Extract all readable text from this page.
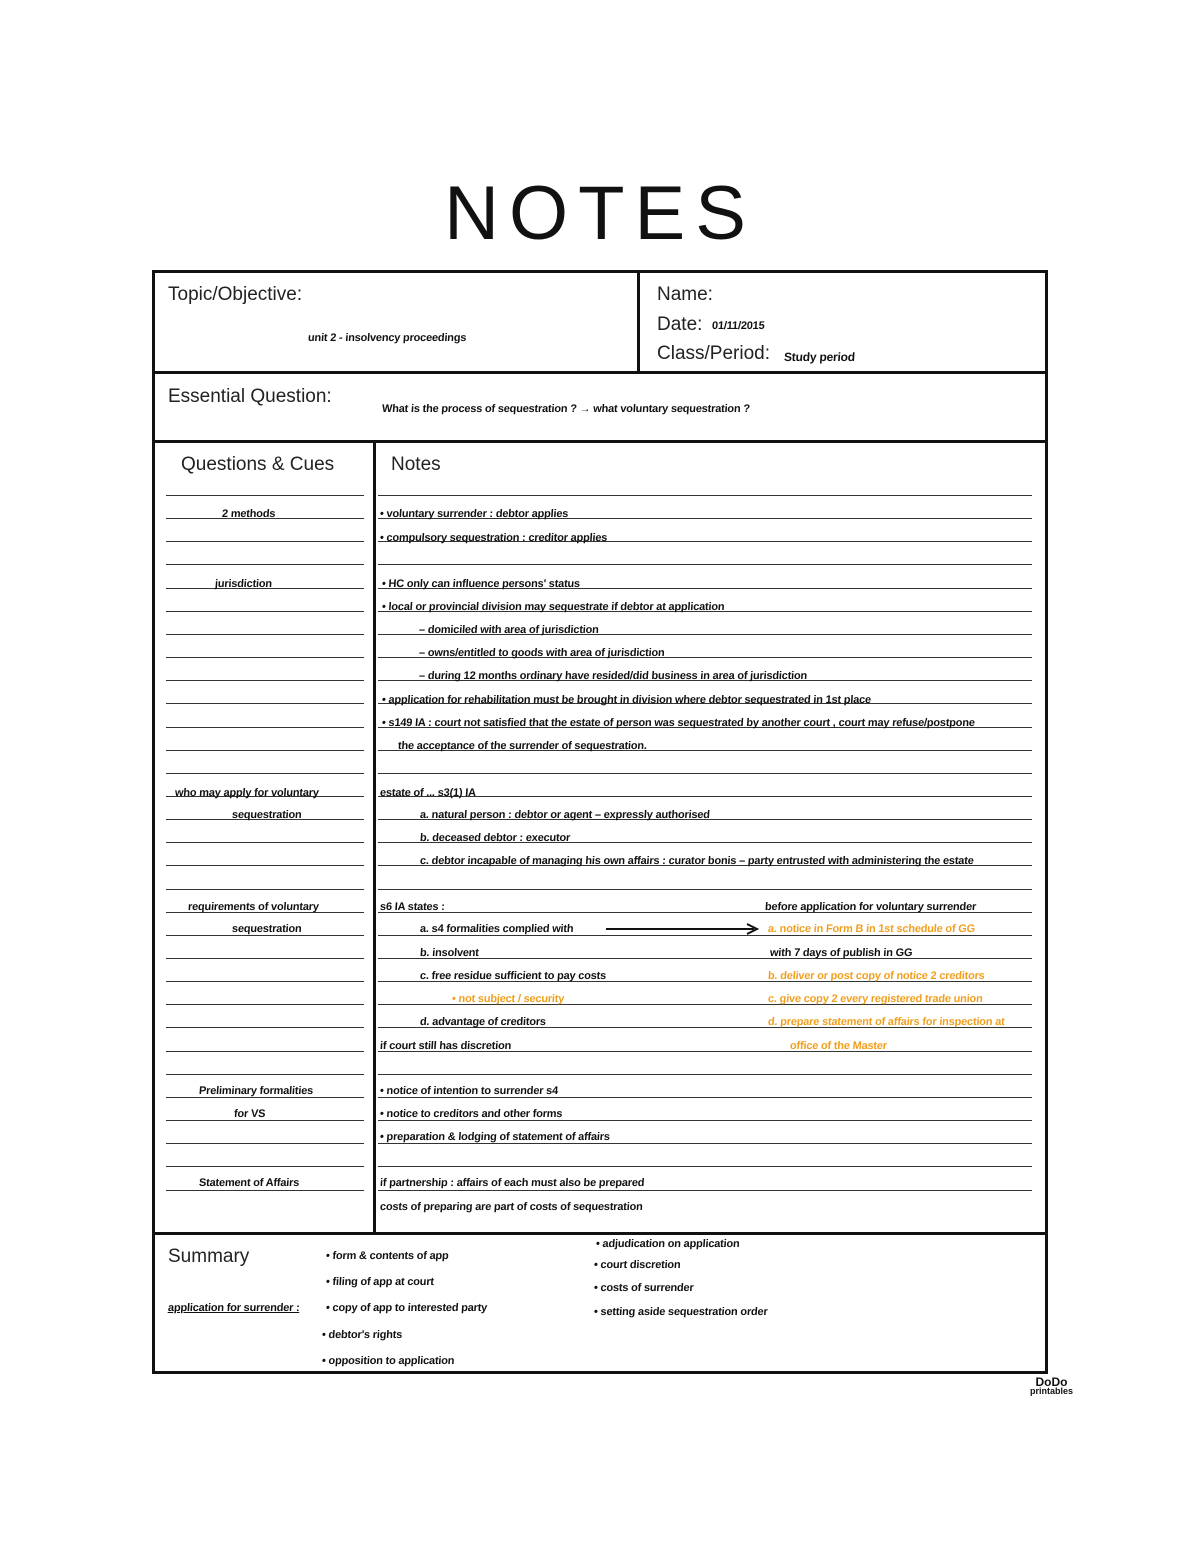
NOTES
Topic/Objective:
unit 2 - insolvency proceedings
Name:
Date: 01/11/2015
Class/Period: Study period
Essential Question:
What is the process of sequestration ? → what voluntary sequestration ?
Questions & Cues	Notes
2 methods
jurisdiction
who may apply for voluntary
sequestration
requirements of voluntary
sequestration
Preliminary formalities
for VS
Statement of Affairs
• voluntary surrender : debtor applies
• compulsory sequestration : creditor applies
• HC only can influence persons' status
• local or provincial division may sequestrate if debtor at application
– domiciled with area of jurisdiction
– owns/entitled to goods with area of jurisdiction
– during 12 months ordinary have resided/did business in area of jurisdiction
• application for rehabilitation must be brought in division where debtor sequestrated in 1st place
• s149 IA : court not satisfied that the estate of person was sequestrated by another court , court may refuse/postpone
the acceptance of the surrender of sequestration.
estate of ... s3(1) IA
a. natural person : debtor or agent – expressly authorised
b. deceased debtor : executor
c. debtor incapable of managing his own affairs : curator bonis – party entrusted with administering the estate
s6 IA states :
a. s4 formalities complied with
b. insolvent
c. free residue sufficient to pay costs
• not subject / security
d. advantage of creditors
if court still has discretion
before application for voluntary surrender
a. notice in Form B in 1st schedule of GG
with 7 days of publish in GG
b. deliver or post copy of notice 2 creditors
c. give copy 2 every registered trade union
d. prepare statement of affairs for inspection at
office of the Master
• notice of intention to surrender s4
• notice to creditors and other forms
• preparation & lodging of statement of affairs
if partnership : affairs of each must also be prepared
costs of preparing are part of costs of sequestration
Summary
application for surrender :
• form & contents of app
• filing of app at court
• copy of app to interested party
• debtor's rights
• opposition to application
• adjudication on application
• court discretion
• costs of surrender
• setting aside sequestration order
DoDo
printables
